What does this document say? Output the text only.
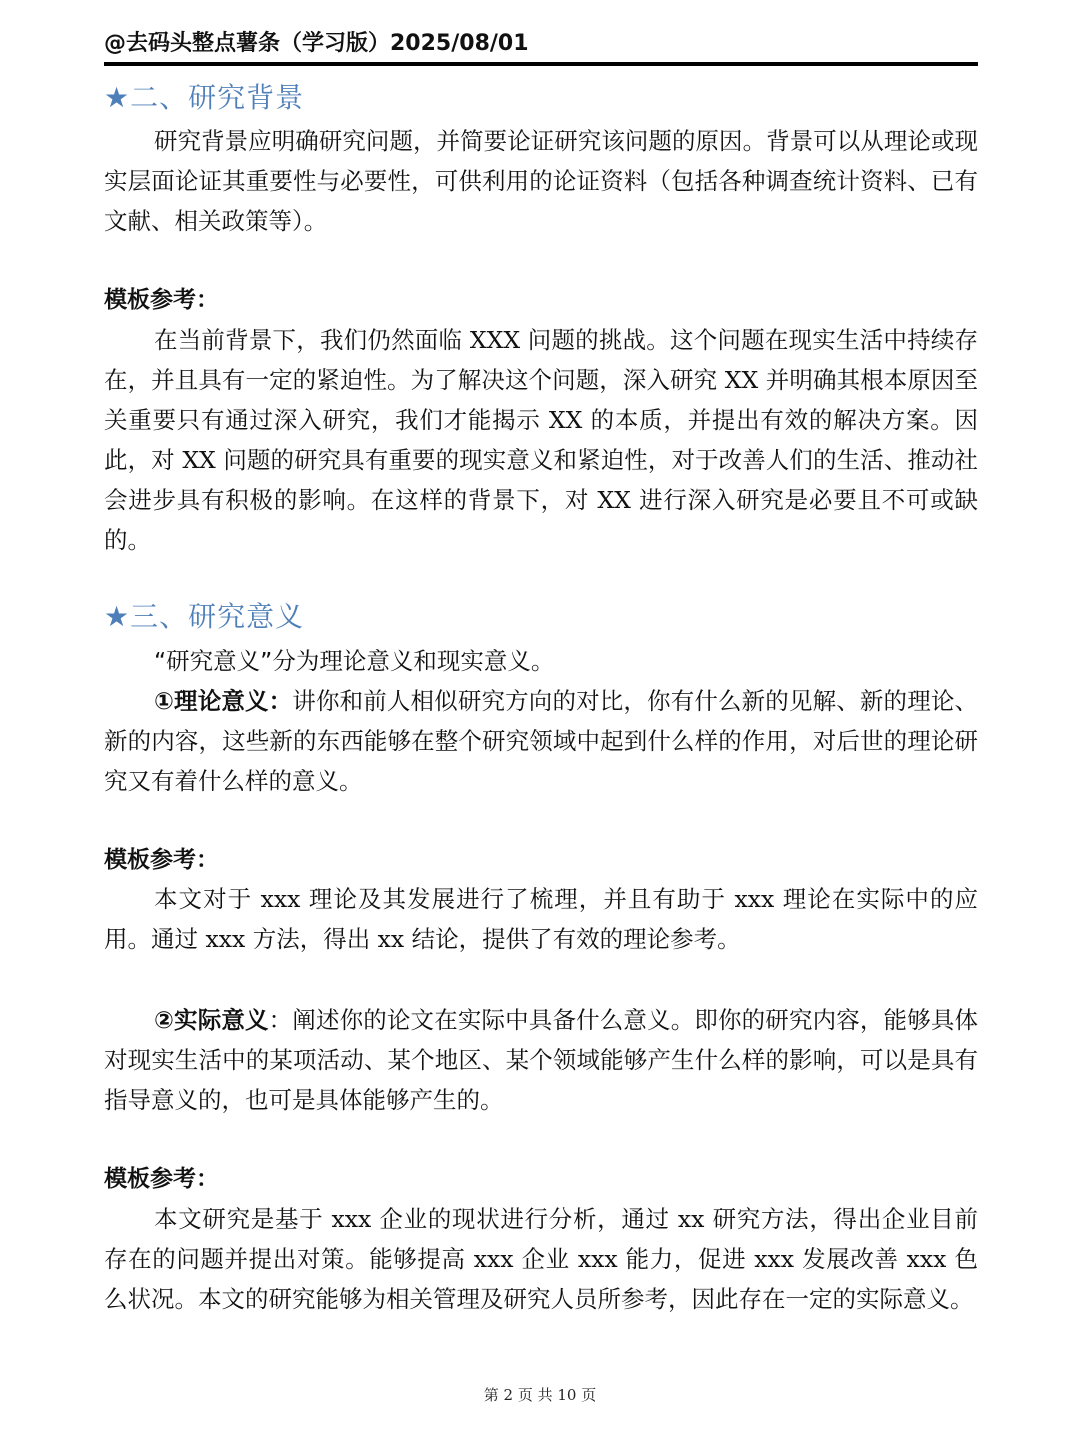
@去码头整点薯条（学习版）2025/08/01
★二、研究背景

研究背景应明确研究问题，并简要论证研究该问题的原因。背景可以从理论或现实层面论证其重要性与必要性，可供利用的论证资料（包括各种调查统计资料、已有文献、相关政策等）。

模板参考：

在当前背景下，我们仍然面临 XXX 问题的挑战。这个问题在现实生活中持续存在，并且具有一定的紧迫性。为了解决这个问题，深入研究 XX 并明确其根本原因至关重要只有通过深入研究，我们才能揭示 XX 的本质，并提出有效的解决方案。因此，对 XX 问题的研究具有重要的现实意义和紧迫性，对于改善人们的生活、推动社会进步具有积极的影响。在这样的背景下，对 XX 进行深入研究是必要且不可或缺的。

★三、研究意义

“研究意义”分为理论意义和现实意义。

①理论意义：讲你和前人相似研究方向的对比，你有什么新的见解、新的理论、新的内容，这些新的东西能够在整个研究领域中起到什么样的作用，对后世的理论研究又有着什么样的意义。

模板参考：

本文对于 xxx 理论及其发展进行了梳理，并且有助于 xxx 理论在实际中的应用。通过 xxx 方法，得出 xx 结论，提供了有效的理论参考。

②实际意义：阐述你的论文在实际中具备什么意义。即你的研究内容，能够具体对现实生活中的某项活动、某个地区、某个领域能够产生什么样的影响，可以是具有指导意义的，也可是具体能够产生的。

模板参考：

本文研究是基于 xxx 企业的现状进行分析，通过 xx 研究方法，得出企业目前存在的问题并提出对策。能够提高 xxx 企业 xxx 能力，促进 xxx 发展改善 xxx 色么状况。本文的研究能够为相关管理及研究人员所参考，因此存在一定的实际意义。

第 2 页 共 10 页
